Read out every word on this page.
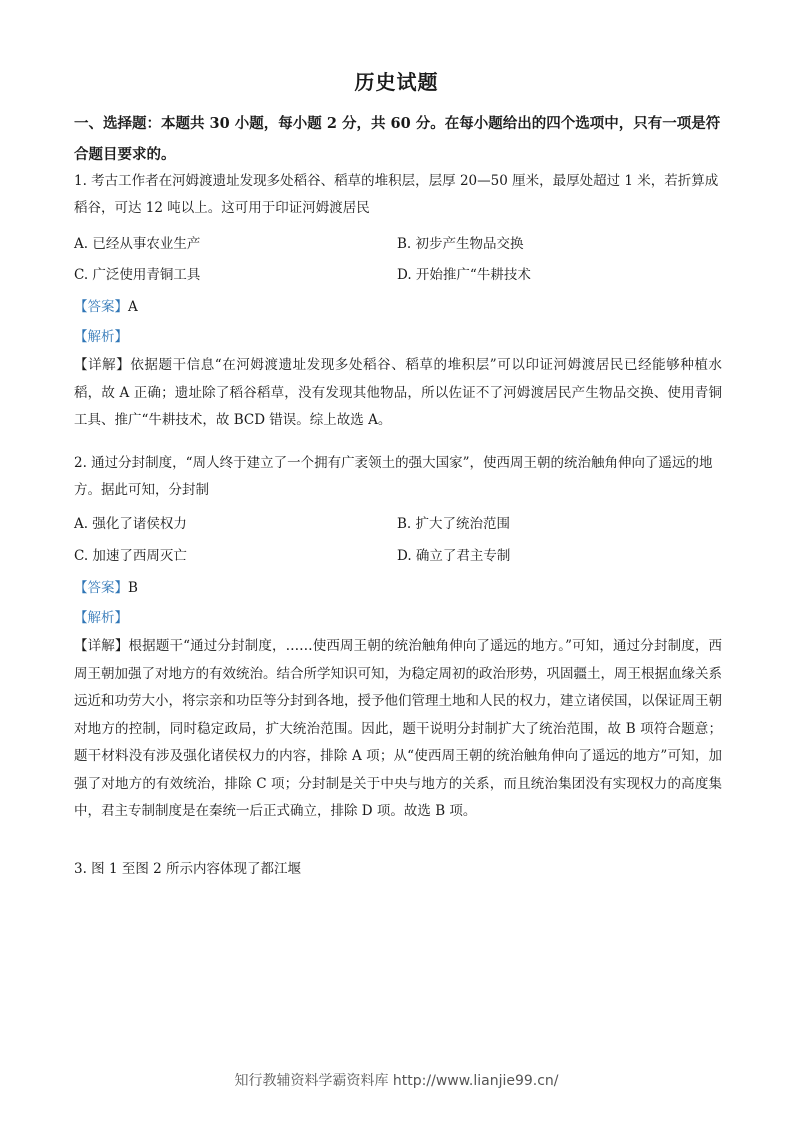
历史试题
一、选择题：本题共 30 小题，每小题 2 分，共 60 分。在每小题给出的四个选项中，只有一项是符合题目要求的。
1. 考古工作者在河姆渡遗址发现多处稻谷、稻草的堆积层，层厚 20—50 厘米，最厚处超过 1 米，若折算成稻谷，可达 12 吨以上。这可用于印证河姆渡居民
A. 已经从事农业生产	B. 初步产生物品交换
C. 广泛使用青铜工具	D. 开始推广“牛耕技术
【答案】A
【解析】
【详解】依据题干信息“在河姆渡遗址发现多处稻谷、稻草的堆积层”可以印证河姆渡居民已经能够种植水稻，故 A 正确；遗址除了稻谷稻草，没有发现其他物品，所以佐证不了河姆渡居民产生物品交换、使用青铜工具、推广“牛耕技术，故 BCD 错误。综上故选 A。
2. 通过分封制度，“周人终于建立了一个拥有广袤领土的强大国家”，使西周王朝的统治触角伸向了遥远的地方。据此可知，分封制
A. 强化了诸侯权力	B. 扩大了统治范围
C. 加速了西周灭亡	D. 确立了君主专制
【答案】B
【解析】
【详解】根据题干“通过分封制度，……使西周王朝的统治触角伸向了遥远的地方。”可知，通过分封制度，西周王朝加强了对地方的有效统治。结合所学知识可知，为稳定周初的政治形势，巩固疆土，周王根据血缘关系远近和功劳大小，将宗亲和功臣等分封到各地，授予他们管理土地和人民的权力，建立诸侯国，以保证周王朝对地方的控制，同时稳定政局，扩大统治范围。因此，题干说明分封制扩大了统治范围，故 B 项符合题意；题干材料没有涉及强化诸侯权力的内容，排除 A 项；从“使西周王朝的统治触角伸向了遥远的地方”可知，加强了对地方的有效统治，排除 C 项；分封制是关于中央与地方的关系，而且统治集团没有实现权力的高度集中，君主专制制度是在秦统一后正式确立，排除 D 项。故选 B 项。
3. 图 1 至图 2 所示内容体现了都江堰
知行教辅资料学霸资料库 http://www.lianjie99.cn/
